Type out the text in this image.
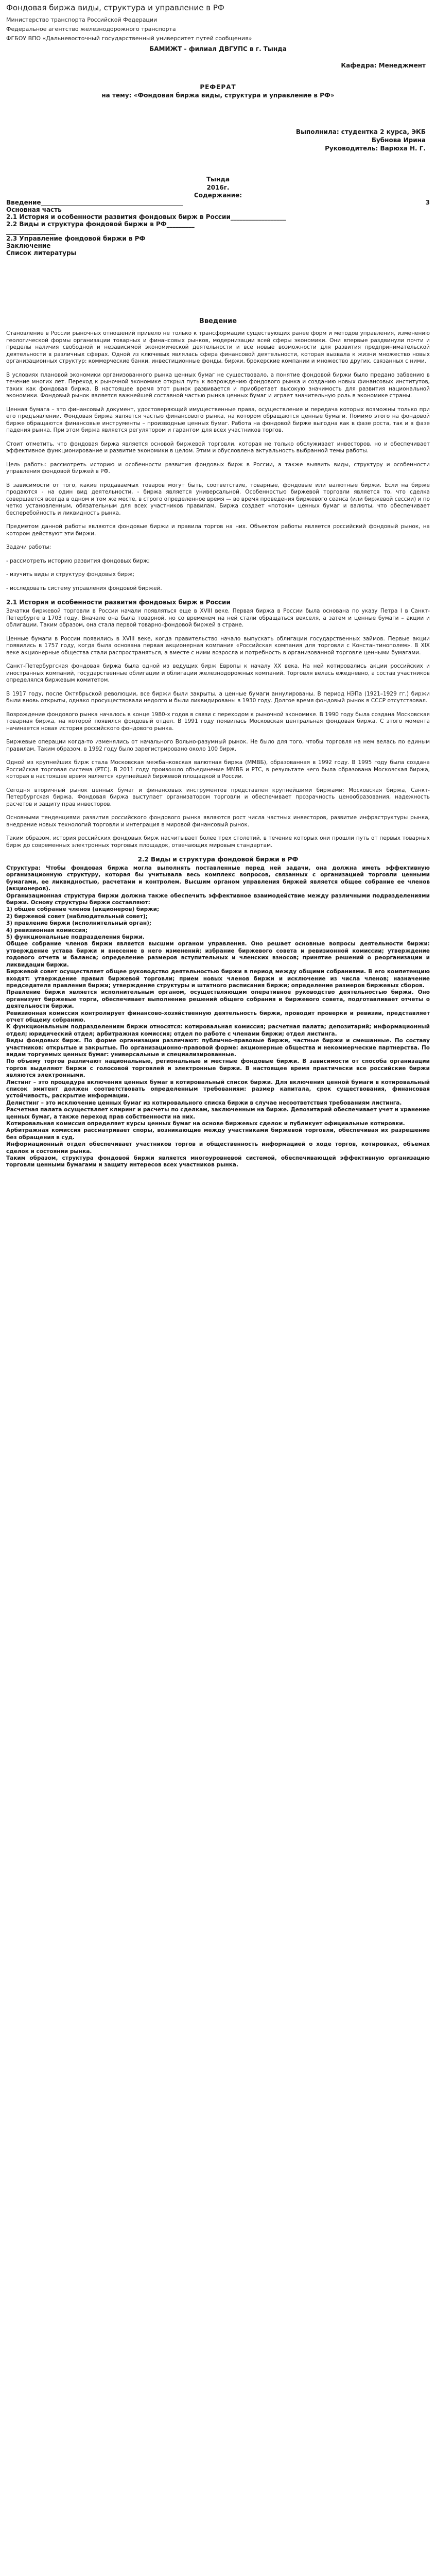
Фондовая биржа виды, структура и управление в РФ
Министерство транспорта Российской Федерации
Федеральное агентство железнодорожного транспорта
ФГБОУ ВПО «Дальневосточный государственный университет путей сообщения»
БАМИЖТ - филиал ДВГУПС в г. Тында
Кафедра: Менеджмент
РЕФЕРАТ
на тему: «Фондовая биржа виды, структура и управление в РФ»
Выполнила: студентка 2 курса, ЭКБ
Бубнова Ирина
Руководитель: Варюха Н. Г.
Тында
2016г.
Содержание:
Введение______________________________________________	3
Основная часть
2.1 История и особенности развития фондовых бирж в России__________________
2.2 Виды и структура фондовой биржи в РФ_________
________________
2.3 Управление фондовой биржи в РФ
Заключение
Список литературы
Введение

Становление в России рыночных отношений привело не только к трансформации существующих ранее форм и методов управления, изменению геологической формы организации товарных и финансовых рынков, модернизации всей сферы экономики. Они впервые раздвинули почти и пределы наличия свободной и независимой экономической деятельности и все новые возможности для развития предпринимательской деятельности в различных сферах. Одной из ключевых являлась сфера финансовой деятельности, которая вызвала к жизни множество новых организационных структур: коммерческие банки, инвестиционные фонды, биржи, брокерские компании и множество других, связанных с ними.

В условиях плановой экономики организованного рынка ценных бумаг не существовало, а понятие фондовой биржи было предано забвению в течение многих лет. Переход к рыночной экономике открыл путь к возрождению фондового рынка и созданию новых финансовых институтов, таких как фондовая биржа. В настоящее время этот рынок развивается и приобретает высокую значимость для развития национальной экономики. Фондовый рынок является важнейшей составной частью рынка ценных бумаг и играет значительную роль в экономике страны.

Ценная бумага – это финансовый документ, удостоверяющий имущественные права, осуществление и передача которых возможны только при его предъявлении. Фондовая биржа является частью финансового рынка, на котором обращаются ценные бумаги. Помимо этого на фондовой бирже обращаются финансовые инструменты – производные ценных бумаг. Работа на фондовой бирже выгодна как в фазе роста, так и в фазе падения рынка. При этом биржа является регулятором и гарантом для всех участников торгов.

Стоит отметить, что фондовая биржа является основой биржевой торговли, которая не только обслуживает инвесторов, но и обеспечивает эффективное функционирование и развитие экономики в целом. Этим и обусловлена актуальность выбранной темы работы.

Цель работы: рассмотреть историю и особенности развития фондовых бирж в России, а также выявить виды, структуру и особенности управления фондовой биржей в РФ.

В зависимости от того, какие продаваемых товаров могут быть, соответствие, товарные, фондовые или валютные биржи. Если на бирже продаются - на один вид деятельности, - биржа является универсальной. Особенностью биржевой торговли является то, что сделка совершается всегда в одном и том же месте, в строго определенное время — во время проведения биржевого сеанса (или биржевой сессии) и по четко установленным, обязательным для всех участников правилам. Биржа создает «потоки» ценных бумаг и валюты, что обеспечивает бесперебойность и ликвидность рынка.

Предметом данной работы являются фондовые биржи и правила торгов на них. Объектом работы является российский фондовый рынок, на котором действуют эти биржи.

Задачи работы:

- рассмотреть историю развития фондовых бирж;

- изучить виды и структуру фондовых бирж;

- исследовать систему управления фондовой биржей.

2.1 История и особенности развития фондовых бирж в России

Зачатки биржевой торговли в России начали появляться еще в XVIII веке. Первая биржа в России была основана по указу Петра I в Санкт-Петербурге в 1703 году. Вначале она была товарной, но со временем на ней стали обращаться векселя, а затем и ценные бумаги – акции и облигации. Таким образом, она стала первой товарно-фондовой биржей в стране.

Ценные бумаги в России появились в XVIII веке, когда правительство начало выпускать облигации государственных займов. Первые акции появились в 1757 году, когда была основана первая акционерная компания «Российская компания для торговли с Константинополем». В XIX веке акционерные общества стали распространяться, а вместе с ними возросла и потребность в организованной торговле ценными бумагами.

Санкт-Петербургская фондовая биржа была одной из ведущих бирж Европы к началу XX века. На ней котировались акции российских и иностранных компаний, государственные облигации и облигации железнодорожных компаний. Торговля велась ежедневно, а состав участников определялся биржевым комитетом.

В 1917 году, после Октябрьской революции, все биржи были закрыты, а ценные бумаги аннулированы. В период НЭПа (1921–1929 гг.) биржи были вновь открыты, однако просуществовали недолго и были ликвидированы в 1930 году. Долгое время фондовый рынок в СССР отсутствовал.

Возрождение фондового рынка началось в конце 1980-х годов в связи с переходом к рыночной экономике. В 1990 году была создана Московская товарная биржа, на которой появился фондовый отдел. В 1991 году появилась Московская центральная фондовая биржа. С этого момента начинается новая история российского фондового рынка.

Биржевые операции когда-то изменялись от начального Вольно-разумный рынок. Не было для того, чтобы торговля на нем велась по единым правилам. Таким образом, в 1992 году было зарегистрировано около 100 бирж.

Одной из крупнейших бирж стала Московская межбанковская валютная биржа (ММВБ), образованная в 1992 году. В 1995 году была создана Российская торговая система (РТС). В 2011 году произошло объединение ММВБ и РТС, в результате чего была образована Московская биржа, которая в настоящее время является крупнейшей биржевой площадкой в России.

Сегодня вторичный рынок ценных бумаг и финансовых инструментов представлен крупнейшими биржами: Московская биржа, Санкт-Петербургская биржа. Фондовая биржа выступает организатором торговли и обеспечивает прозрачность ценообразования, надежность расчетов и защиту прав инвесторов.

Основными тенденциями развития российского фондового рынка являются рост числа частных инвесторов, развитие инфраструктуры рынка, внедрение новых технологий торговли и интеграция в мировой финансовый рынок.

Таким образом, история российских фондовых бирж насчитывает более трех столетий, в течение которых они прошли путь от первых товарных бирж до современных электронных торговых площадок, отвечающих мировым стандартам.

2.2 Виды и структура фондовой биржи в РФ

Структура: Чтобы фондовая биржа могла выполнять поставленные перед ней задачи, она должна иметь эффективную организационную структуру, которая бы учитывала весь комплекс вопросов, связанных с организацией торговли ценными бумагами, ее ликвидностью, расчетами и контролем. Высшим органом управления биржей является общее собрание ее членов (акционеров).

Организационная структура биржи должна также обеспечить эффективное взаимодействие между различными подразделениями биржи. Основу структуры биржи составляют:

1) общее собрание членов (акционеров) биржи;

2) биржевой совет (наблюдательный совет);

3) правление биржи (исполнительный орган);

4) ревизионная комиссия;

5) функциональные подразделения биржи.

Общее собрание членов биржи является высшим органом управления. Оно решает основные вопросы деятельности биржи: утверждение устава биржи и внесение в него изменений; избрание биржевого совета и ревизионной комиссии; утверждение годового отчета и баланса; определение размеров вступительных и членских взносов; принятие решений о реорганизации и ликвидации биржи.

Биржевой совет осуществляет общее руководство деятельностью биржи в период между общими собраниями. В его компетенцию входят: утверждение правил биржевой торговли; прием новых членов биржи и исключение из числа членов; назначение председателя правления биржи; утверждение структуры и штатного расписания биржи; определение размеров биржевых сборов.

Правление биржи является исполнительным органом, осуществляющим оперативное руководство деятельностью биржи. Оно организует биржевые торги, обеспечивает выполнение решений общего собрания и биржевого совета, подготавливает отчеты о деятельности биржи.

Ревизионная комиссия контролирует финансово-хозяйственную деятельность биржи, проводит проверки и ревизии, представляет отчет общему собранию.

К функциональным подразделениям биржи относятся: котировальная комиссия; расчетная палата; депозитарий; информационный отдел; юридический отдел; арбитражная комиссия; отдел по работе с членами биржи; отдел листинга.

Виды фондовых бирж. По форме организации различают: публично-правовые биржи, частные биржи и смешанные. По составу участников: открытые и закрытые. По организационно-правовой форме: акционерные общества и некоммерческие партнерства. По видам торгуемых ценных бумаг: универсальные и специализированные.

По объему торгов различают национальные, региональные и местные фондовые биржи. В зависимости от способа организации торгов выделяют биржи с голосовой торговлей и электронные биржи. В настоящее время практически все российские биржи являются электронными.

Листинг – это процедура включения ценных бумаг в котировальный список биржи. Для включения ценной бумаги в котировальный список эмитент должен соответствовать определенным требованиям: размер капитала, срок существования, финансовая устойчивость, раскрытие информации.

Делистинг – это исключение ценных бумаг из котировального списка биржи в случае несоответствия требованиям листинга.

Расчетная палата осуществляет клиринг и расчеты по сделкам, заключенным на бирже. Депозитарий обеспечивает учет и хранение ценных бумаг, а также переход прав собственности на них.

Котировальная комиссия определяет курсы ценных бумаг на основе биржевых сделок и публикует официальные котировки.

Арбитражная комиссия рассматривает споры, возникающие между участниками биржевой торговли, обеспечивая их разрешение без обращения в суд.

Информационный отдел обеспечивает участников торгов и общественность информацией о ходе торгов, котировках, объемах сделок и состоянии рынка.

Таким образом, структура фондовой биржи является многоуровневой системой, обеспечивающей эффективную организацию торговли ценными бумагами и защиту интересов всех участников рынка.
